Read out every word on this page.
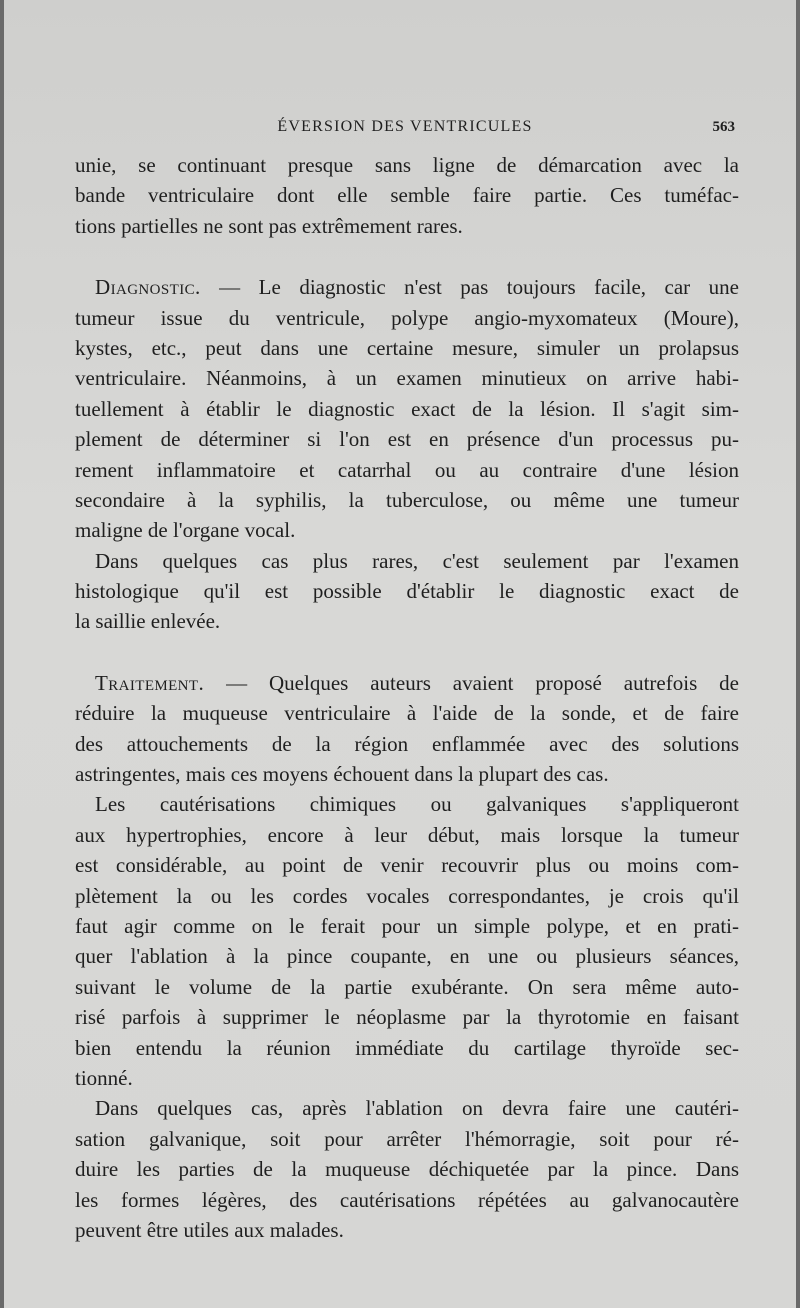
ÉVERSION DES VENTRICULES	563
unie, se continuant presque sans ligne de démarcation avec la
bande ventriculaire dont elle semble faire partie. Ces tuméfac-
tions partielles ne sont pas extrêmement rares.
Diagnostic. — Le diagnostic n'est pas toujours facile, car une
tumeur issue du ventricule, polype angio-myxomateux (Moure),
kystes, etc., peut dans une certaine mesure, simuler un prolapsus
ventriculaire. Néanmoins, à un examen minutieux on arrive habi-
tuellement à établir le diagnostic exact de la lésion. Il s'agit sim-
plement de déterminer si l'on est en présence d'un processus pu-
rement inflammatoire et catarrhal ou au contraire d'une lésion
secondaire à la syphilis, la tuberculose, ou même une tumeur
maligne de l'organe vocal.
Dans quelques cas plus rares, c'est seulement par l'examen
histologique qu'il est possible d'établir le diagnostic exact de
la saillie enlevée.
Traitement. — Quelques auteurs avaient proposé autrefois de
réduire la muqueuse ventriculaire à l'aide de la sonde, et de faire
des attouchements de la région enflammée avec des solutions
astringentes, mais ces moyens échouent dans la plupart des cas.
Les cautérisations chimiques ou galvaniques s'appliqueront
aux hypertrophies, encore à leur début, mais lorsque la tumeur
est considérable, au point de venir recouvrir plus ou moins com-
plètement la ou les cordes vocales correspondantes, je crois qu'il
faut agir comme on le ferait pour un simple polype, et en prati-
quer l'ablation à la pince coupante, en une ou plusieurs séances,
suivant le volume de la partie exubérante. On sera même auto-
risé parfois à supprimer le néoplasme par la thyrotomie en faisant
bien entendu la réunion immédiate du cartilage thyroïde sec-
tionné.
Dans quelques cas, après l'ablation on devra faire une cautéri-
sation galvanique, soit pour arrêter l'hémorragie, soit pour ré-
duire les parties de la muqueuse déchiquetée par la pince. Dans
les formes légères, des cautérisations répétées au galvanocautère
peuvent être utiles aux malades.
